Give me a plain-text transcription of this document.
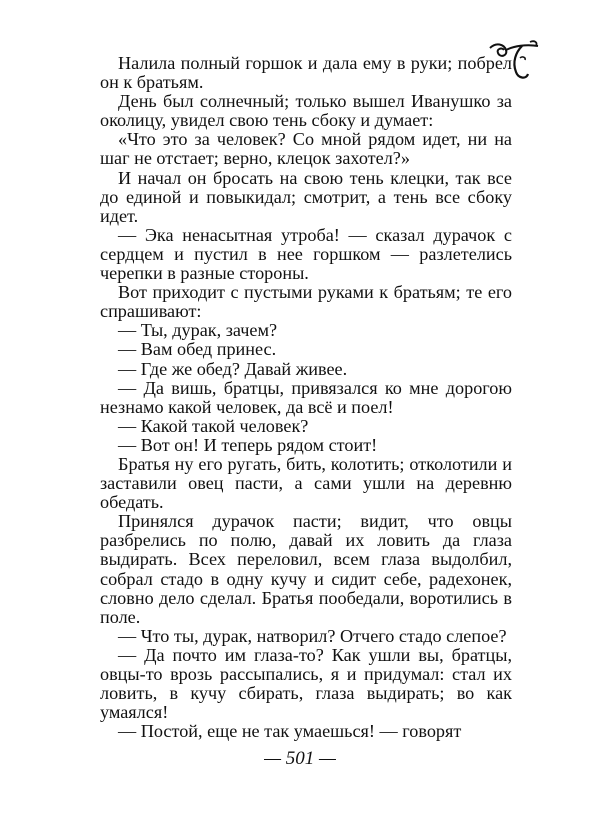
Налила полный горшок и дала ему в руки; побрел он к братьям.

День был солнечный; только вышел Иванушко за околицу, увидел свою тень сбоку и думает:

«Что это за человек? Со мной рядом идет, ни на шаг не отстает; верно, клецок захотел?»

И начал он бросать на свою тень клецки, так все до единой и повыкидал; смотрит, а тень все сбоку идет.

— Эка ненасытная утроба! — сказал дурачок с сердцем и пустил в нее горшком — разлетелись черепки в разные стороны.

Вот приходит с пустыми руками к братьям; те его спрашивают:

— Ты, дурак, зачем?

— Вам обед принес.

— Где же обед? Давай живее.

— Да вишь, братцы, привязался ко мне дорогою незнамо какой человек, да всё и поел!

— Какой такой человек?

— Вот он! И теперь рядом стоит!

Братья ну его ругать, бить, колотить; отколотили и заставили овец пасти, а сами ушли на деревню обедать.

Принялся дурачок пасти; видит, что овцы разбрелись по полю, давай их ловить да глаза выдирать. Всех переловил, всем глаза выдолбил, собрал стадо в одну кучу и сидит себе, радехонек, словно дело сделал. Братья пообедали, воротились в поле.

— Что ты, дурак, натворил? Отчего стадо слепое?

— Да почто им глаза-то? Как ушли вы, братцы, овцы-то врозь рассыпались, я и придумал: стал их ловить, в кучу сбирать, глаза выдирать; во как умаялся!

— Постой, еще не так умаешься! — говорят

— 501 —
